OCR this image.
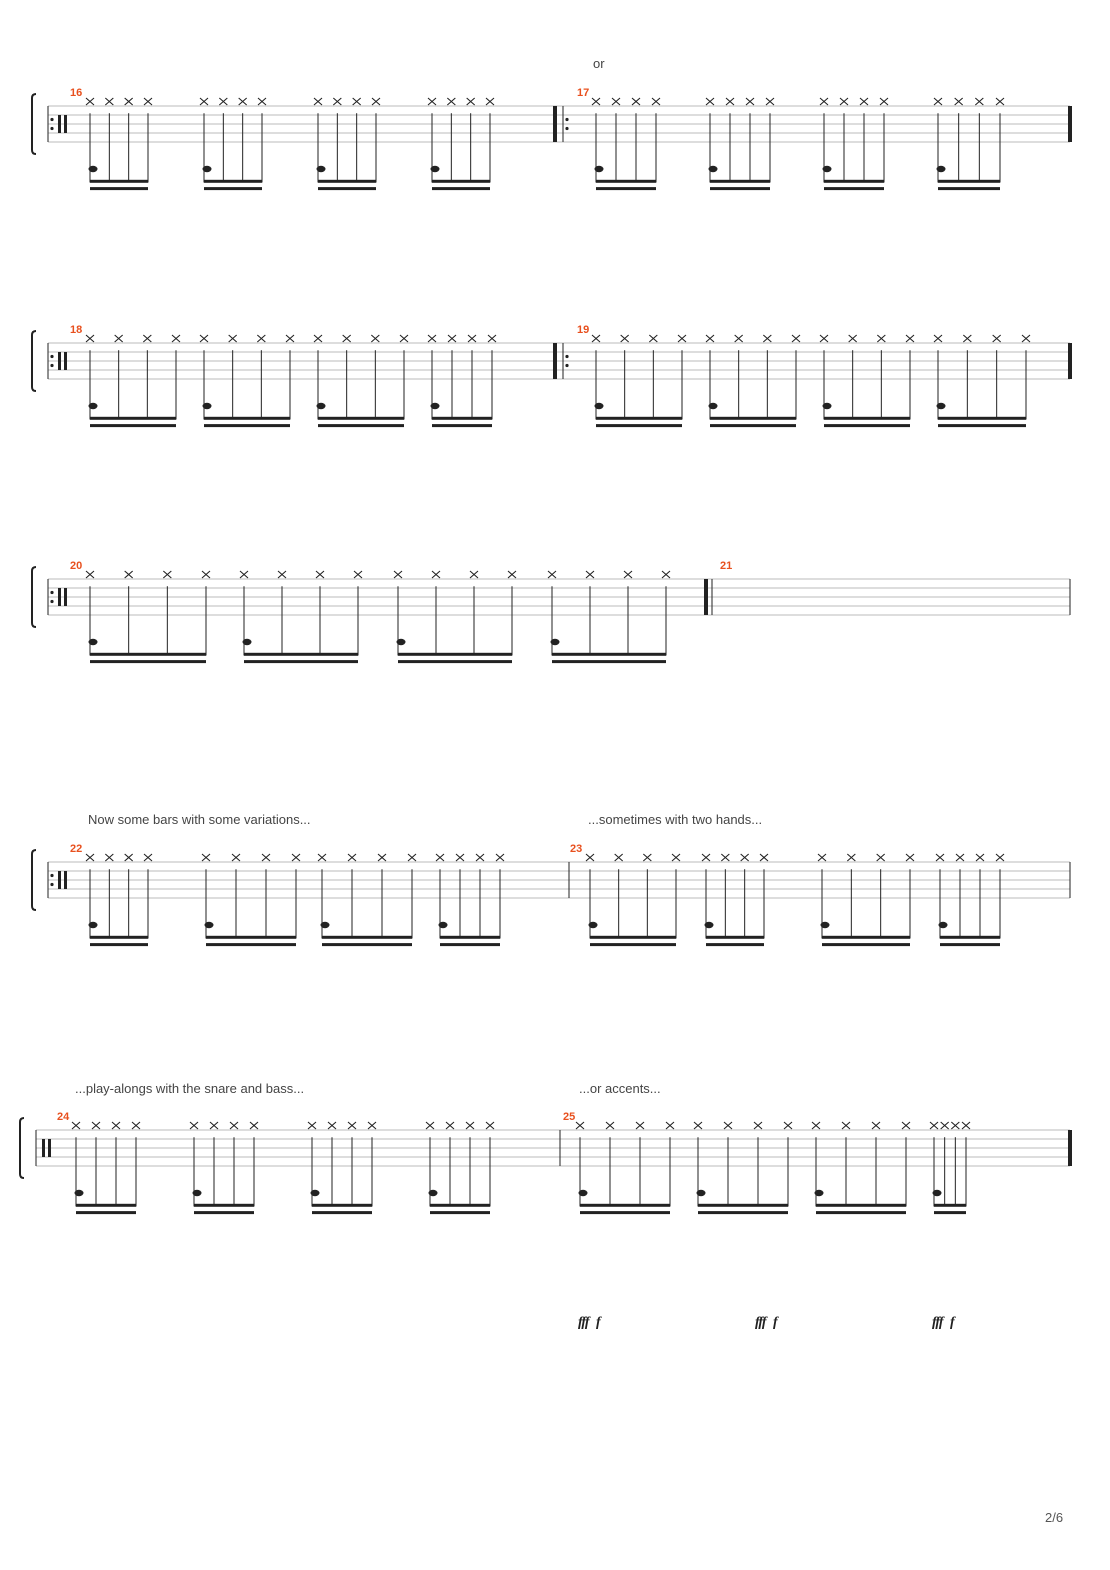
or
Now some bars with some variations...	...sometimes with two hands...
...play-alongs with the snare and bass...	...or accents...
16	17
18	19
20	21
22	23
24	25
fff f	fff f	fff f
2/6
